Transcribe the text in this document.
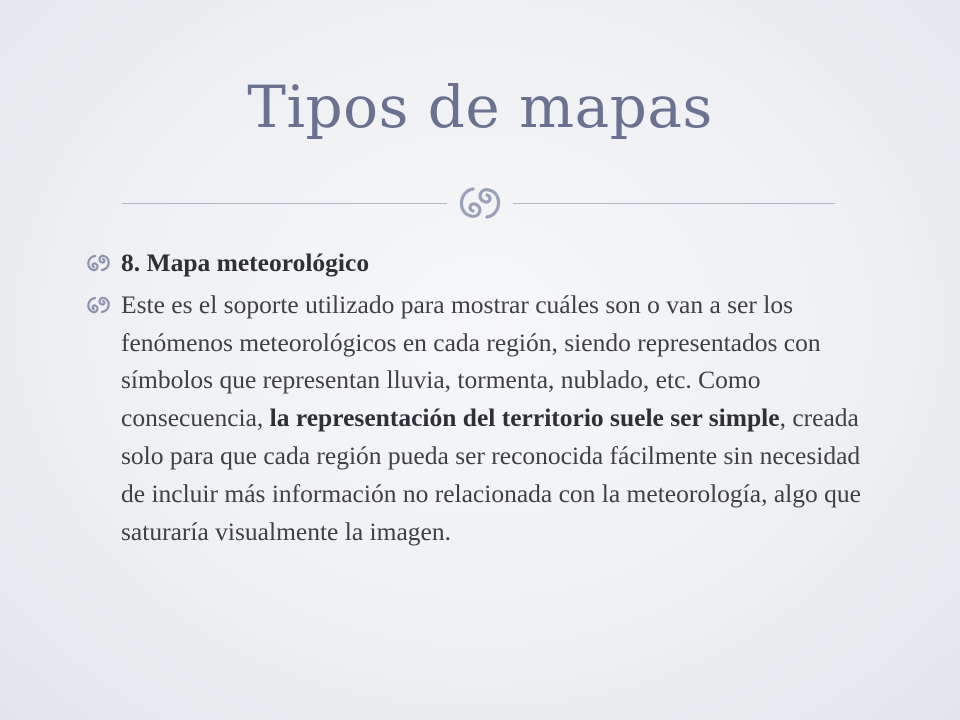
Tipos de mapas
8. Mapa meteorológico
Este es el soporte utilizado para mostrar cuáles son o van a ser los fenómenos meteorológicos en cada región, siendo representados con símbolos que representan lluvia, tormenta, nublado, etc. Como consecuencia, la representación del territorio suele ser simple, creada solo para que cada región pueda ser reconocida fácilmente sin necesidad de incluir más información no relacionada con la meteorología, algo que saturaría visualmente la imagen.
